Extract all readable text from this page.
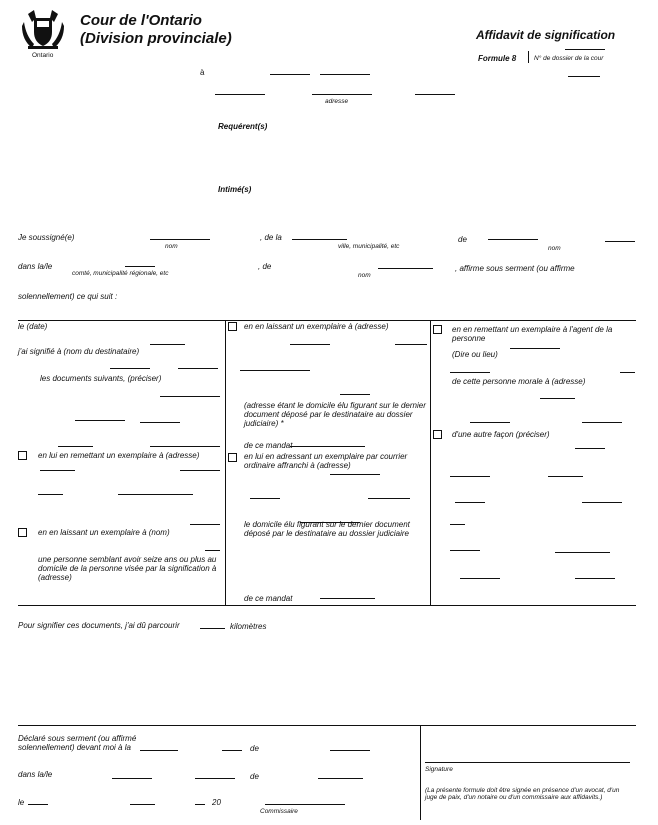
Ontario
Cour de l'Ontario
(Division provinciale)	Affidavit de signification
Formule 8	N° de dossier de la cour
à
adresse
Requérent(s)
Intimé(s)
Je soussigné(e)
nom
, de la
ville, municipalité, etc
de
nom
dans la/le
comté, municipalité régionale, etc
, de
nom
, affirme sous serment (ou affirme
solennellement) ce qui suit :
le (date)
j'ai signifié à (nom du destinataire)
les documents suivants, (préciser)
en lui en remettant un exemplaire à (adresse)
en en laissant un exemplaire à (nom)
une personne semblant avoir seize ans ou plus au domicile de la personne visée par la signification à (adresse)
en en laissant un exemplaire à (adresse)
(adresse étant le domicile élu figurant sur le dernier document déposé par le destinataire au dossier judiciaire) *
de ce mandat
en lui en adressant un exemplaire par courrier ordinaire affranchi à (adresse)
le domicile élu figurant sur le dernier document déposé par le destinataire au dossier judiciaire
de ce mandat
en en remettant un exemplaire à l'agent de la personne
(Dire ou lieu)
de cette personne morale à (adresse)
d'une autre façon (préciser)
Pour signifier ces documents, j'ai dû parcourir	kilomètres
Déclaré sous serment (ou affirmé
solennellement) devant moi à la	de
dans la/le	de
le	20
Commissaire
Signature
(La présente formule doit être signée en présence d'un avocat, d'un juge de paix, d'un notaire ou d'un commissaire aux affidavits.)
